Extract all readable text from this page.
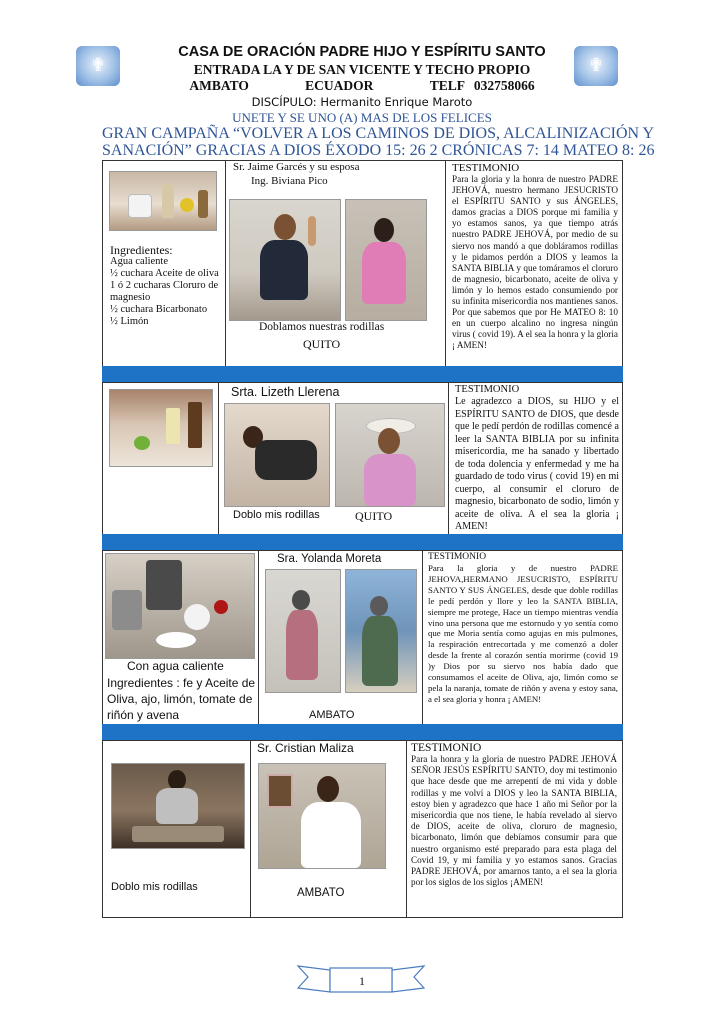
✟	✟
CASA DE ORACIÓN PADRE HIJO Y ESPÍRITU SANTO
ENTRADA LA Y DE SAN VICENTE Y TECHO PROPIO
AMBATO	ECUADOR	TELF 032758066
DISCÍPULO: Hermanito Enrique Maroto
UNETE Y SE UNO (A) MAS DE LOS FELICES
GRAN CAMPAÑA “VOLVER A LOS CAMINOS DE DIOS, ALCALINIZACIÓN Y
SANACIÓN” GRACIAS A DIOS ÉXODO 15: 26 2 CRÓNICAS 7: 14 MATEO 8: 26
Ingredientes:
Agua caliente
½ cuchara Aceite de oliva
1 ó 2 cucharas Cloruro de magnesio
½ cuchara Bicarbonato
½ Limón
Sr. Jaime Garcés y su esposa
Ing. Biviana Pico
Doblamos nuestras rodillas
QUITO

TESTIMONIO

Para la gloria y la honra de nuestro PADRE JEHOVÁ, nuestro hermano JESUCRISTO el ESPÍRITU SANTO y sus ÁNGELES, damos gracias a DIOS porque mi familia y yo estamos sanos, ya que tiempo atrás nuestro PADRE JEHOVÁ, por medio de su siervo nos mandó a que dobláramos rodillas y le pidamos perdón a DIOS y leamos la SANTA BIBLIA y que tomáramos el cloruro de magnesio, bicarbonato, aceite de oliva y limón y lo hemos estado consumiendo por su infinita misericordia nos mantienes sanos. Por que sabemos que por He MATEO 8: 10 en un cuerpo alcalino no ingresa ningún virus ( covid 19). A el sea la honra y la gloria ¡ AMEN!
Srta. Lizeth Llerena
Doblo mis rodillas	QUITO

TESTIMONIO

Le agradezco a DIOS, su HIJO y el ESPÍRITU SANTO de DIOS, que desde que le pedí perdón de rodillas comencé a leer la SANTA BIBLIA por su infinita misericordia, me ha sanado y libertado de toda dolencia y enfermedad y me ha guardado de todo virus ( covid 19) en mi cuerpo, al consumir el cloruro de magnesio, bicarbonato de sodio, limón y aceite de oliva. A el sea la gloria ¡ AMEN!
Con agua caliente
Ingredientes : fe y Aceite de Oliva, ajo, limón, tomate de riñón y avena
Sra. Yolanda Moreta
AMBATO

TESTIMONIO

Para la gloria y de nuestro PADRE JEHOVA,HERMANO JESUCRISTO, ESPÍRITU SANTO Y SUS ÁNGELES, desde que doble rodillas le pedí perdón y llore y leo la SANTA BIBLIA, siempre me protege, Hace un tiempo mientras vendía vino una persona que me estornudo y yo sentía como que me Moria sentía como agujas en mis pulmones, la respiración entrecortada y me comenzó a doler desde la frente al corazón sentía morirme (covid 19 )y Dios por su siervo nos había dado que consumamos el aceite de Oliva, ajo, limón como se pela la naranja, tomate de riñón y avena y estoy sana, a el sea gloria y honra ¡ AMEN!
Doblo mis rodillas
Sr. Cristian Maliza
AMBATO

TESTIMONIO

Para la honra y la gloria de nuestro PADRE JEHOVÁ SEÑOR JESÚS ESPÍRITU SANTO, doy mi testimonio que hace desde que me arrepentí de mi vida y doble rodillas y me volví a DIOS y leo la SANTA BIBLIA, estoy bien y agradezco que hace 1 año mi Señor por la misericordia que nos tiene, le había revelado al siervo de DIOS, aceite de oliva, cloruro de magnesio, bicarbonato, limón que debíamos consumir para que nuestro organismo esté preparado para esta plaga del Covid 19, y mi familia y yo estamos sanos. Gracias PADRE JEHOVÁ, por amarnos tanto, a el sea la gloria por los siglos de los siglos ¡AMEN!
1
